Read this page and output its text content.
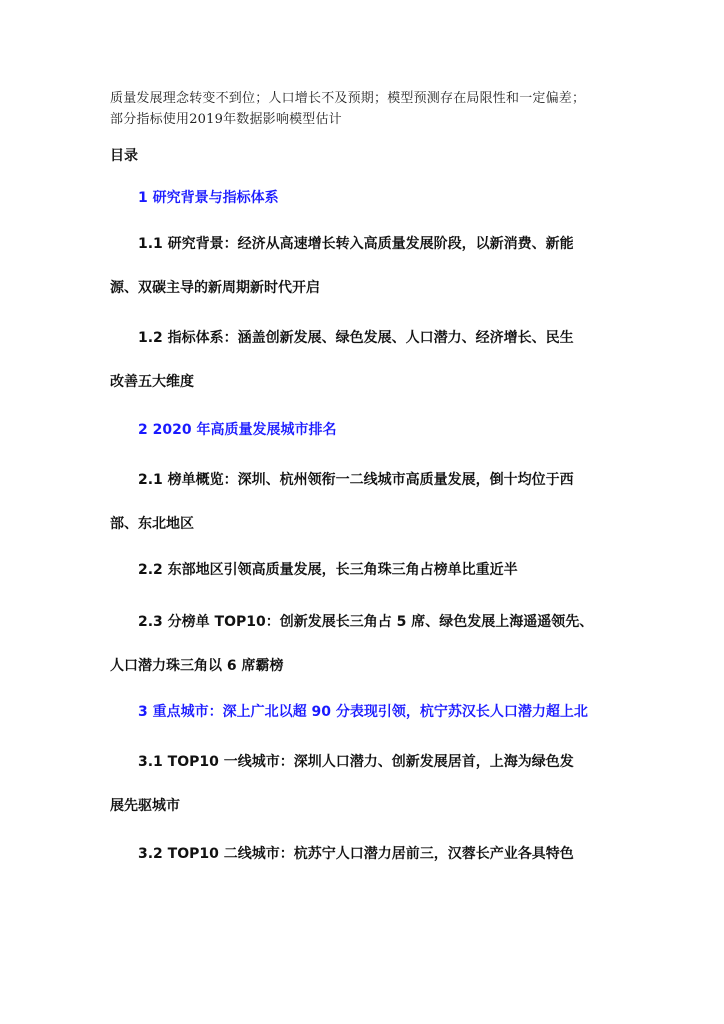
质量发展理念转变不到位；人口增长不及预期；模型预测存在局限性和一定偏差；
部分指标使用2019年数据影响模型估计
目录
1 研究背景与指标体系
1.1 研究背景：经济从高速增长转入高质量发展阶段，以新消费、新能
源、双碳主导的新周期新时代开启
1.2 指标体系：涵盖创新发展、绿色发展、人口潜力、经济增长、民生
改善五大维度
2 2020 年高质量发展城市排名
2.1 榜单概览：深圳、杭州领衔一二线城市高质量发展，倒十均位于西
部、东北地区
2.2 东部地区引领高质量发展，长三角珠三角占榜单比重近半
2.3 分榜单 TOP10：创新发展长三角占 5 席、绿色发展上海遥遥领先、
人口潜力珠三角以 6 席霸榜
3 重点城市：深上广北以超 90 分表现引领，杭宁苏汉长人口潜力超上北
3.1 TOP10 一线城市：深圳人口潜力、创新发展居首，上海为绿色发
展先驱城市
3.2 TOP10 二线城市：杭苏宁人口潜力居前三，汉蓉长产业各具特色
